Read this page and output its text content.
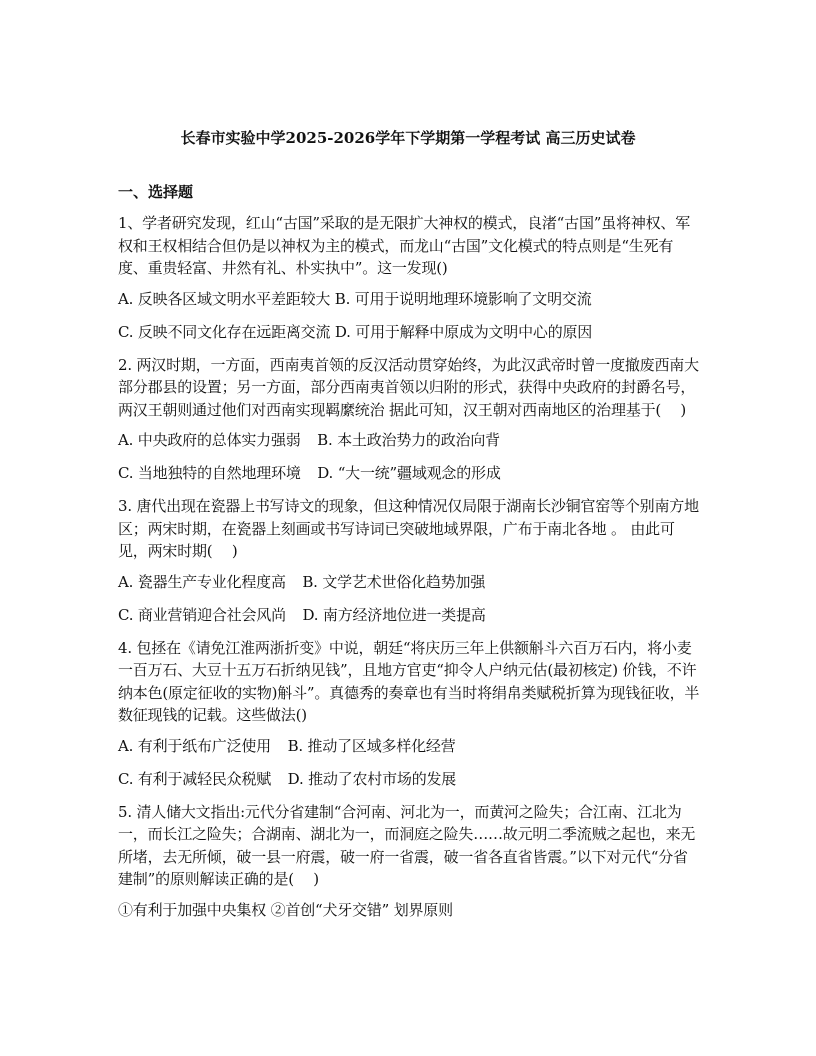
长春市实验中学2025-2026学年下学期第一学程考试 高三历史试卷
一、选择题
1、学者研究发现，红山“古国”采取的是无限扩大神权的模式，良渚“古国”虽将神权、军权和王权相结合但仍是以神权为主的模式，而龙山“古国”文化模式的特点则是“生死有度、重贵轻富、井然有礼、朴实执中”。这一发现()
A. 反映各区域文明水平差距较大 B. 可用于说明地理环境影响了文明交流
C. 反映不同文化存在远距离交流 D. 可用于解释中原成为文明中心的原因
2. 两汉时期，一方面，西南夷首领的反汉活动贯穿始终，为此汉武帝时曾一度撤废西南大部分郡县的设置；另一方面，部分西南夷首领以归附的形式，获得中央政府的封爵名号，两汉王朝则通过他们对西南实现羁縻统治 据此可知，汉王朝对西南地区的治理基于(　 )
A. 中央政府的总体实力强弱 B. 本土政治势力的政治向背
C. 当地独特的自然地理环境 D. “大一统”疆域观念的形成
3. 唐代出现在瓷器上书写诗文的现象，但这种情况仅局限于湖南长沙铜官窑等个别南方地区；两宋时期，在瓷器上刻画或书写诗词已突破地域界限，广布于南北各地 。 由此可见，两宋时期(　 )
A. 瓷器生产专业化程度高 B. 文学艺术世俗化趋势加强
C. 商业营销迎合社会风尚 D. 南方经济地位进一类提高
4. 包拯在《请免江淮两浙折变》中说，朝廷“将庆历三年上供额斛斗六百万石内，将小麦一百万石、大豆十五万石折纳见钱”，且地方官吏“抑令人户纳元估(最初核定) 价钱，不许纳本色(原定征收的实物)斛斗”。真德秀的奏章也有当时将绢帛类赋税折算为现钱征收，半数征现钱的记载。这些做法()
A. 有利于纸布广泛使用 B. 推动了区域多样化经营
C. 有利于减轻民众税赋 D. 推动了农村市场的发展
5. 清人储大文指出:元代分省建制“合河南、河北为一，而黄河之险失；合江南、江北为一，而长江之险失；合湖南、湖北为一，而洞庭之险失……故元明二季流贼之起也，来无所堵，去无所倾，破一县一府震，破一府一省震，破一省各直省皆震。”以下对元代“分省建制”的原则解读正确的是(　 )
①有利于加强中央集权 ②首创“犬牙交错” 划界原则
